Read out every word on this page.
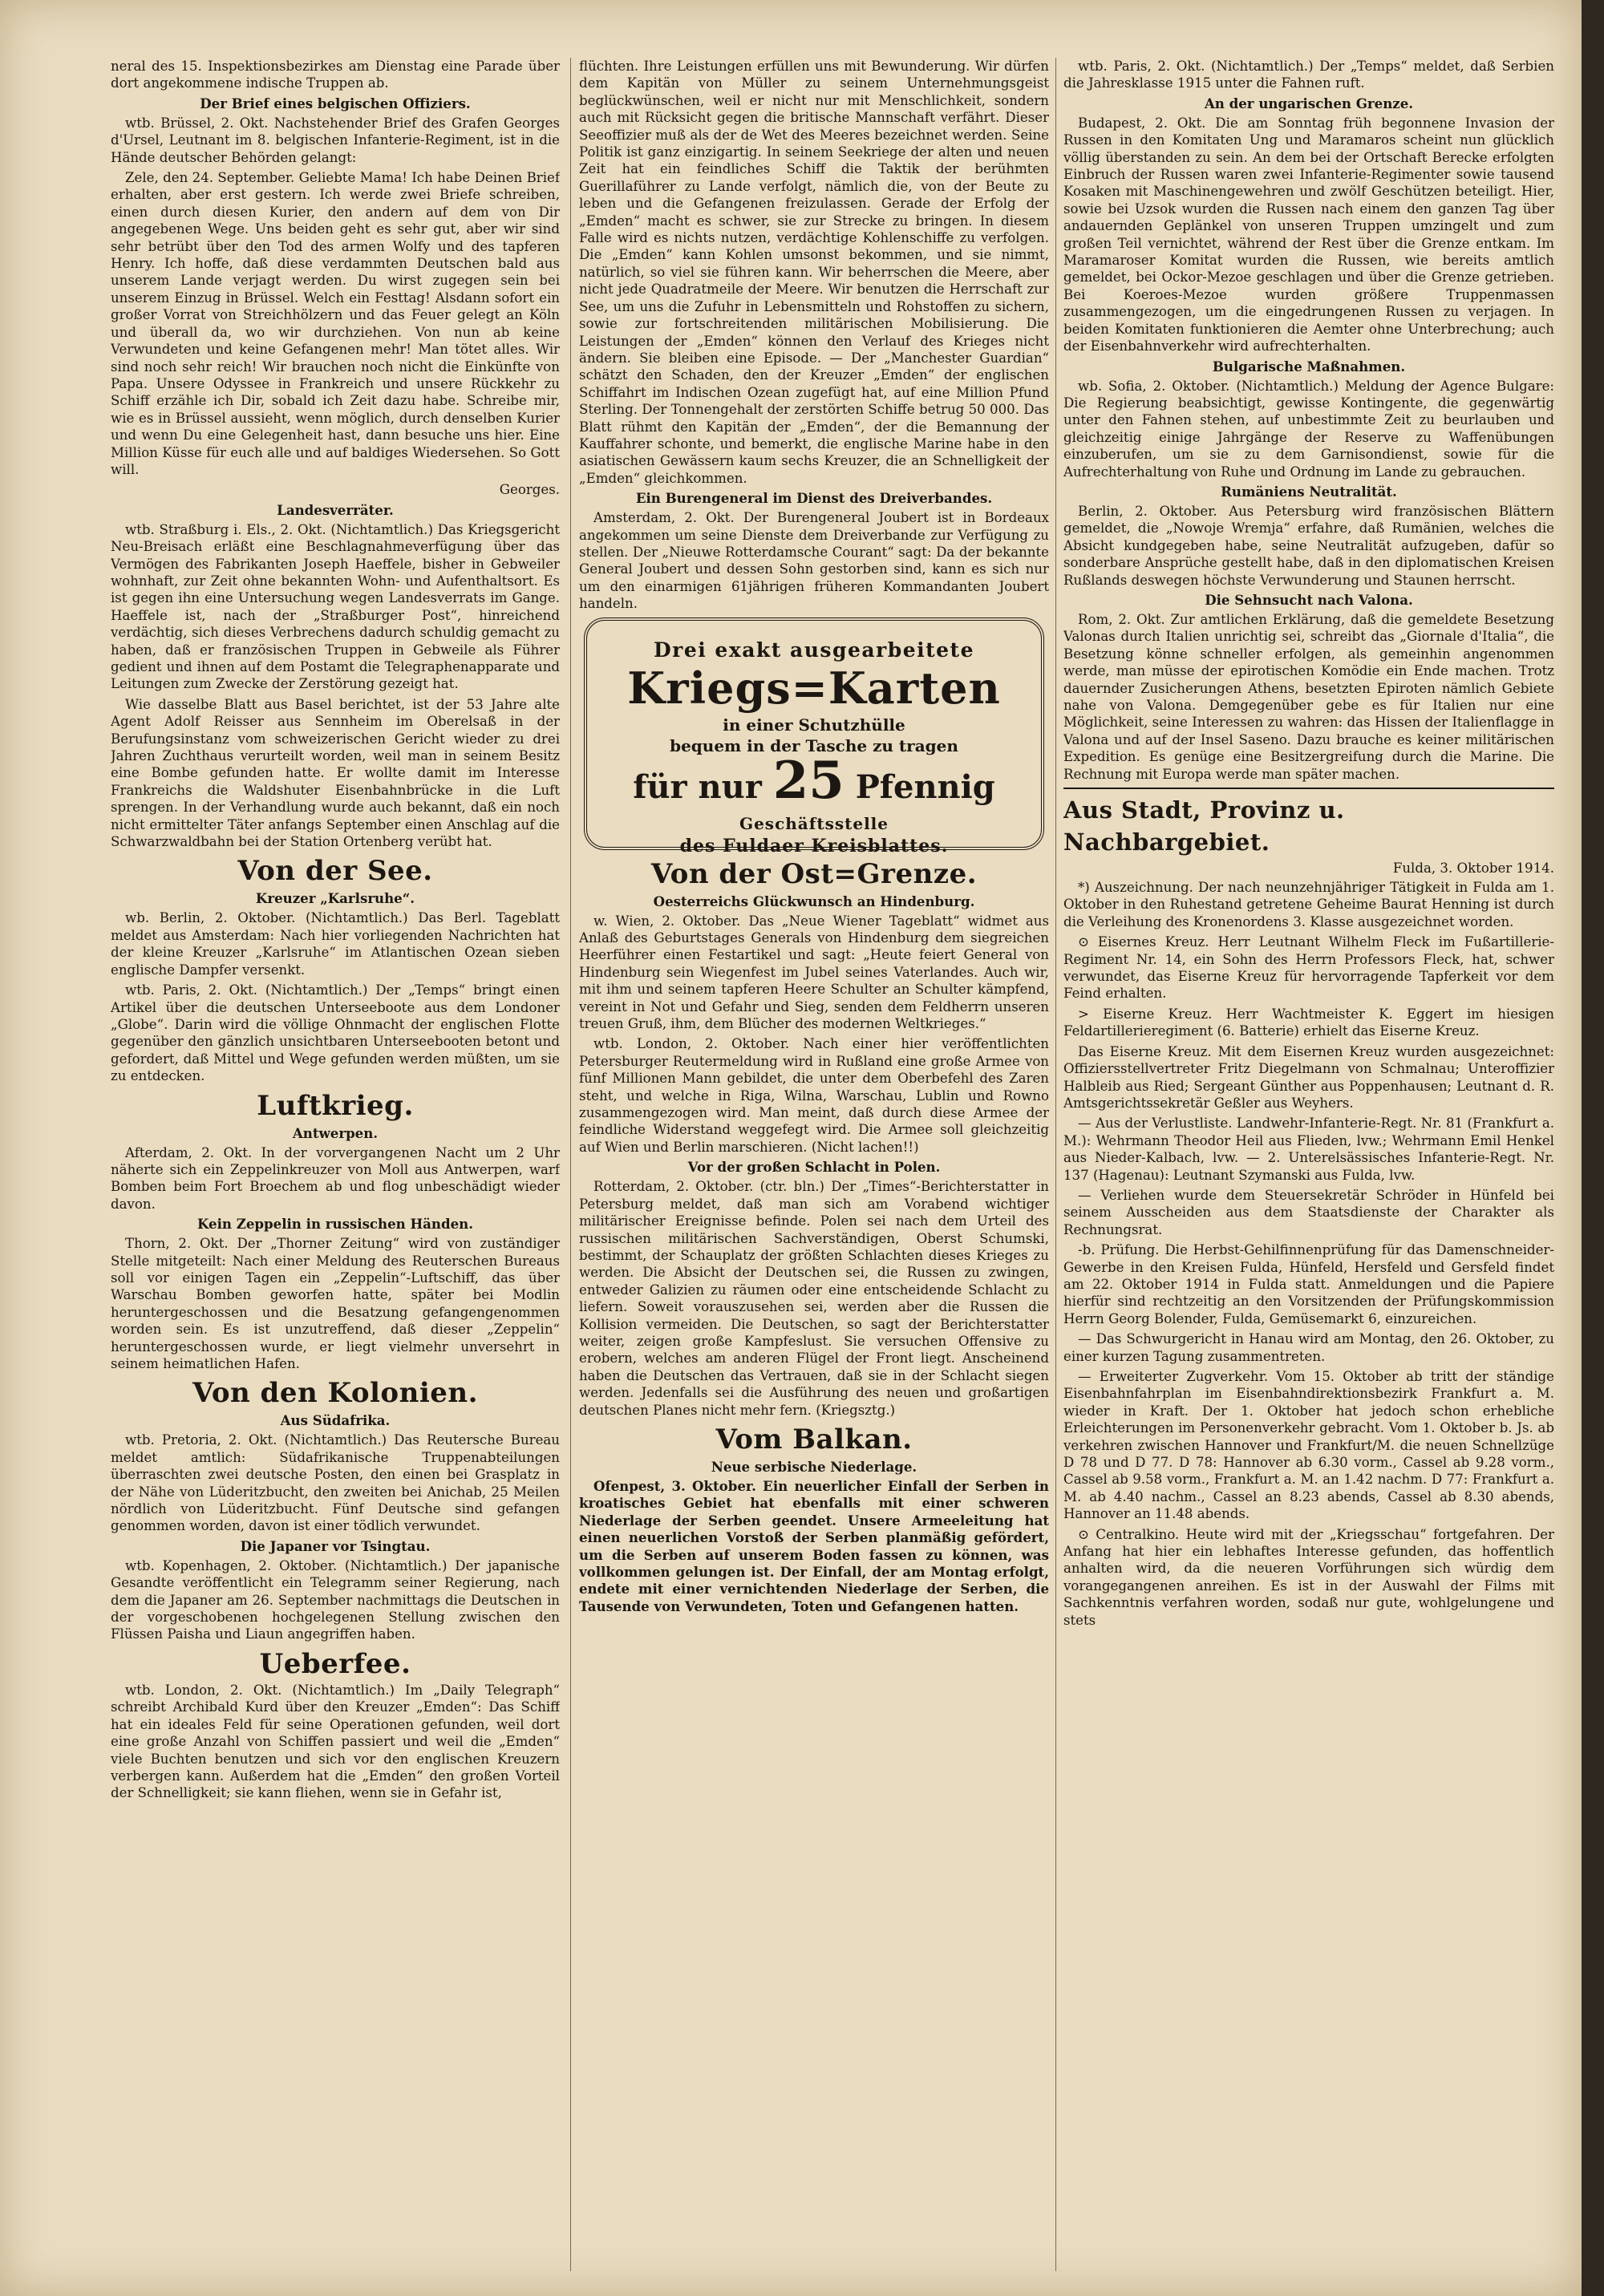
neral des 15. Inspektionsbezirkes am Dienstag eine Parade über dort angekommene indische Truppen ab.

Der Brief eines belgischen Offiziers.

wtb. Brüssel, 2. Okt. Nachstehender Brief des Grafen Georges d'Ursel, Leutnant im 8. belgischen Infanterie-Regiment, ist in die Hände deutscher Behörden gelangt:

Zele, den 24. September. Geliebte Mama! Ich habe Deinen Brief erhalten, aber erst gestern. Ich werde zwei Briefe schreiben, einen durch diesen Kurier, den andern auf dem von Dir angegebenen Wege. Uns beiden geht es sehr gut, aber wir sind sehr betrübt über den Tod des armen Wolfy und des tapferen Henry. Ich hoffe, daß diese verdammten Deutschen bald aus unserem Lande verjagt werden. Du wirst zugegen sein bei unserem Einzug in Brüssel. Welch ein Festtag! Alsdann sofort ein großer Vorrat von Streichhölzern und das Feuer gelegt an Köln und überall da, wo wir durchziehen. Von nun ab keine Verwundeten und keine Gefangenen mehr! Man tötet alles. Wir sind noch sehr reich! Wir brauchen noch nicht die Einkünfte von Papa. Unsere Odyssee in Frankreich und unsere Rückkehr zu Schiff erzähle ich Dir, sobald ich Zeit dazu habe. Schreibe mir, wie es in Brüssel aussieht, wenn möglich, durch denselben Kurier und wenn Du eine Gelegenheit hast, dann besuche uns hier. Eine Million Küsse für euch alle und auf baldiges Wiedersehen. So Gott will.

Georges.

Landesverräter.

wtb. Straßburg i. Els., 2. Okt. (Nichtamtlich.) Das Kriegsgericht Neu-Breisach erläßt eine Beschlagnahmeverfügung über das Vermögen des Fabrikanten Joseph Haeffele, bisher in Gebweiler wohnhaft, zur Zeit ohne bekannten Wohn- und Aufenthaltsort. Es ist gegen ihn eine Untersuchung wegen Landesverrats im Gange. Haeffele ist, nach der „Straßburger Post“, hinreichend verdächtig, sich dieses Verbrechens dadurch schuldig gemacht zu haben, daß er französischen Truppen in Gebweile als Führer gedient und ihnen auf dem Postamt die Telegraphenapparate und Leitungen zum Zwecke der Zerstörung gezeigt hat.

Wie dasselbe Blatt aus Basel berichtet, ist der 53 Jahre alte Agent Adolf Reisser aus Sennheim im Oberelsaß in der Berufungsinstanz vom schweizerischen Gericht wieder zu drei Jahren Zuchthaus verurteilt worden, weil man in seinem Besitz eine Bombe gefunden hatte. Er wollte damit im Interesse Frankreichs die Waldshuter Eisenbahnbrücke in die Luft sprengen. In der Verhandlung wurde auch bekannt, daß ein noch nicht ermittelter Täter anfangs September einen Anschlag auf die Schwarzwaldbahn bei der Station Ortenberg verübt hat.

Von der See.
Kreuzer „Karlsruhe“.

wb. Berlin, 2. Oktober. (Nichtamtlich.) Das Berl. Tageblatt meldet aus Amsterdam: Nach hier vorliegenden Nachrichten hat der kleine Kreuzer „Karlsruhe“ im Atlantischen Ozean sieben englische Dampfer versenkt.

wtb. Paris, 2. Okt. (Nichtamtlich.) Der „Temps“ bringt einen Artikel über die deutschen Unterseeboote aus dem Londoner „Globe“. Darin wird die völlige Ohnmacht der englischen Flotte gegenüber den gänzlich unsichtbaren Unterseebooten betont und gefordert, daß Mittel und Wege gefunden werden müßten, um sie zu entdecken.

Luftkrieg.
Antwerpen.

Afterdam, 2. Okt. In der vorvergangenen Nacht um 2 Uhr näherte sich ein Zeppelinkreuzer von Moll aus Antwerpen, warf Bomben beim Fort Broechem ab und flog unbeschädigt wieder davon.

Kein Zeppelin in russischen Händen.

Thorn, 2. Okt. Der „Thorner Zeitung“ wird von zuständiger Stelle mitgeteilt: Nach einer Meldung des Reuterschen Bureaus soll vor einigen Tagen ein „Zeppelin“-Luftschiff, das über Warschau Bomben geworfen hatte, später bei Modlin heruntergeschossen und die Besatzung gefangengenommen worden sein. Es ist unzutreffend, daß dieser „Zeppelin“ heruntergeschossen wurde, er liegt vielmehr unversehrt in seinem heimatlichen Hafen.

Von den Kolonien.
Aus Südafrika.

wtb. Pretoria, 2. Okt. (Nichtamtlich.) Das Reutersche Bureau meldet amtlich: Südafrikanische Truppenabteilungen überraschten zwei deutsche Posten, den einen bei Grasplatz in der Nähe von Lüderitzbucht, den zweiten bei Anichab, 25 Meilen nördlich von Lüderitzbucht. Fünf Deutsche sind gefangen genommen worden, davon ist einer tödlich verwundet.

Die Japaner vor Tsingtau.

wtb. Kopenhagen, 2. Oktober. (Nichtamtlich.) Der japanische Gesandte veröffentlicht ein Telegramm seiner Regierung, nach dem die Japaner am 26. September nachmittags die Deutschen in der vorgeschobenen hochgelegenen Stellung zwischen den Flüssen Paisha und Liaun angegriffen haben.

Ueberfee.

wtb. London, 2. Okt. (Nichtamtlich.) Im „Daily Telegraph“ schreibt Archibald Kurd über den Kreuzer „Emden“: Das Schiff hat ein ideales Feld für seine Operationen gefunden, weil dort eine große Anzahl von Schiffen passiert und weil die „Emden“ viele Buchten benutzen und sich vor den englischen Kreuzern verbergen kann. Außerdem hat die „Emden“ den großen Vorteil der Schnelligkeit; sie kann fliehen, wenn sie in Gefahr ist,

flüchten. Ihre Leistungen erfüllen uns mit Bewunderung. Wir dürfen dem Kapitän von Müller zu seinem Unternehmungsgeist beglückwünschen, weil er nicht nur mit Menschlichkeit, sondern auch mit Rücksicht gegen die britische Mannschaft verfährt. Dieser Seeoffizier muß als der de Wet des Meeres bezeichnet werden. Seine Politik ist ganz einzigartig. In seinem Seekriege der alten und neuen Zeit hat ein feindliches Schiff die Taktik der berühmten Guerillaführer zu Lande verfolgt, nämlich die, von der Beute zu leben und die Gefangenen freizulassen. Gerade der Erfolg der „Emden“ macht es schwer, sie zur Strecke zu bringen. In diesem Falle wird es nichts nutzen, verdächtige Kohlenschiffe zu verfolgen. Die „Emden“ kann Kohlen umsonst bekommen, und sie nimmt, natürlich, so viel sie führen kann. Wir beherrschen die Meere, aber nicht jede Quadratmeile der Meere. Wir benutzen die Herrschaft zur See, um uns die Zufuhr in Lebensmitteln und Rohstoffen zu sichern, sowie zur fortschreitenden militärischen Mobilisierung. Die Leistungen der „Emden“ können den Verlauf des Krieges nicht ändern. Sie bleiben eine Episode. — Der „Manchester Guardian“ schätzt den Schaden, den der Kreuzer „Emden“ der englischen Schiffahrt im Indischen Ozean zugefügt hat, auf eine Million Pfund Sterling. Der Tonnengehalt der zerstörten Schiffe betrug 50 000. Das Blatt rühmt den Kapitän der „Emden“, der die Bemannung der Kauffahrer schonte, und bemerkt, die englische Marine habe in den asiatischen Gewässern kaum sechs Kreuzer, die an Schnelligkeit der „Emden“ gleichkommen.

Ein Burengeneral im Dienst des Dreiverbandes.

Amsterdam, 2. Okt. Der Burengeneral Joubert ist in Bordeaux angekommen um seine Dienste dem Dreiverbande zur Verfügung zu stellen. Der „Nieuwe Rotterdamsche Courant“ sagt: Da der bekannte General Joubert und dessen Sohn gestorben sind, kann es sich nur um den einarmigen 61jährigen früheren Kommandanten Joubert handeln.

Drei exakt ausgearbeitete
Kriegs=Karten
in einer Schutzhülle
bequem in der Tasche zu tragen
für nur 25 Pfennig
Geschäftsstelle
des Fuldaer Kreisblattes.
Von der Ost=Grenze.
Oesterreichs Glückwunsch an Hindenburg.

w. Wien, 2. Oktober. Das „Neue Wiener Tageblatt“ widmet aus Anlaß des Geburtstages Generals von Hindenburg dem siegreichen Heerführer einen Festartikel und sagt: „Heute feiert General von Hindenburg sein Wiegenfest im Jubel seines Vaterlandes. Auch wir, mit ihm und seinem tapferen Heere Schulter an Schulter kämpfend, vereint in Not und Gefahr und Sieg, senden dem Feldherrn unseren treuen Gruß, ihm, dem Blücher des modernen Weltkrieges.“

wtb. London, 2. Oktober. Nach einer hier veröffentlichten Petersburger Reutermeldung wird in Rußland eine große Armee von fünf Millionen Mann gebildet, die unter dem Oberbefehl des Zaren steht, und welche in Riga, Wilna, Warschau, Lublin und Rowno zusammengezogen wird. Man meint, daß durch diese Armee der feindliche Widerstand weggefegt wird. Die Armee soll gleichzeitig auf Wien und Berlin marschieren. (Nicht lachen!!)

Vor der großen Schlacht in Polen.

Rotterdam, 2. Oktober. (ctr. bln.) Der „Times“-Berichterstatter in Petersburg meldet, daß man sich am Vorabend wichtiger militärischer Ereignisse befinde. Polen sei nach dem Urteil des russischen militärischen Sachverständigen, Oberst Schumski, bestimmt, der Schauplatz der größten Schlachten dieses Krieges zu werden. Die Absicht der Deutschen sei, die Russen zu zwingen, entweder Galizien zu räumen oder eine entscheidende Schlacht zu liefern. Soweit vorauszusehen sei, werden aber die Russen die Kollision vermeiden. Die Deutschen, so sagt der Berichterstatter weiter, zeigen große Kampfeslust. Sie versuchen Offensive zu erobern, welches am anderen Flügel der Front liegt. Anscheinend haben die Deutschen das Vertrauen, daß sie in der Schlacht siegen werden. Jedenfalls sei die Ausführung des neuen und großartigen deutschen Planes nicht mehr fern. (Kriegsztg.)

Vom Balkan.
Neue serbische Niederlage.

Ofenpest, 3. Oktober. Ein neuerlicher Einfall der Serben in kroatisches Gebiet hat ebenfalls mit einer schweren Niederlage der Serben geendet. Unsere Armeeleitung hat einen neuerlichen Vorstoß der Serben planmäßig gefördert, um die Serben auf unserem Boden fassen zu können, was vollkommen gelungen ist. Der Einfall, der am Montag erfolgt, endete mit einer vernichtenden Niederlage der Serben, die Tausende von Verwundeten, Toten und Gefangenen hatten.

wtb. Paris, 2. Okt. (Nichtamtlich.) Der „Temps“ meldet, daß Serbien die Jahresklasse 1915 unter die Fahnen ruft.

An der ungarischen Grenze.

Budapest, 2. Okt. Die am Sonntag früh begonnene Invasion der Russen in den Komitaten Ung und Maramaros scheint nun glücklich völlig überstanden zu sein. An dem bei der Ortschaft Berecke erfolgten Einbruch der Russen waren zwei Infanterie-Regimenter sowie tausend Kosaken mit Maschinengewehren und zwölf Geschützen beteiligt. Hier, sowie bei Uzsok wurden die Russen nach einem den ganzen Tag über andauernden Geplänkel von unseren Truppen umzingelt und zum großen Teil vernichtet, während der Rest über die Grenze entkam. Im Maramaroser Komitat wurden die Russen, wie bereits amtlich gemeldet, bei Ockor-Mezoe geschlagen und über die Grenze getrieben. Bei Koeroes-Mezoe wurden größere Truppenmassen zusammengezogen, um die eingedrungenen Russen zu verjagen. In beiden Komitaten funktionieren die Aemter ohne Unterbrechung; auch der Eisenbahnverkehr wird aufrechterhalten.

Bulgarische Maßnahmen.

wb. Sofia, 2. Oktober. (Nichtamtlich.) Meldung der Agence Bulgare: Die Regierung beabsichtigt, gewisse Kontingente, die gegenwärtig unter den Fahnen stehen, auf unbestimmte Zeit zu beurlauben und gleichzeitig einige Jahrgänge der Reserve zu Waffenübungen einzuberufen, um sie zu dem Garnisondienst, sowie für die Aufrechterhaltung von Ruhe und Ordnung im Lande zu gebrauchen.

Rumäniens Neutralität.

Berlin, 2. Oktober. Aus Petersburg wird französischen Blättern gemeldet, die „Nowoje Wremja“ erfahre, daß Rumänien, welches die Absicht kundgegeben habe, seine Neutralität aufzugeben, dafür so sonderbare Ansprüche gestellt habe, daß in den diplomatischen Kreisen Rußlands deswegen höchste Verwunderung und Staunen herrscht.

Die Sehnsucht nach Valona.

Rom, 2. Okt. Zur amtlichen Erklärung, daß die gemeldete Besetzung Valonas durch Italien unrichtig sei, schreibt das „Giornale d'Italia“, die Besetzung könne schneller erfolgen, als gemeinhin angenommen werde, man müsse der epirotischen Komödie ein Ende machen. Trotz dauernder Zusicherungen Athens, besetzten Epiroten nämlich Gebiete nahe von Valona. Demgegenüber gebe es für Italien nur eine Möglichkeit, seine Interessen zu wahren: das Hissen der Italienflagge in Valona und auf der Insel Saseno. Dazu brauche es keiner militärischen Expedition. Es genüge eine Besitzergreifung durch die Marine. Die Rechnung mit Europa werde man später machen.

Aus Stadt, Provinz u. Nachbargebiet.
Fulda, 3. Oktober 1914.

*) Auszeichnung. Der nach neunzehnjähriger Tätigkeit in Fulda am 1. Oktober in den Ruhestand getretene Geheime Baurat Henning ist durch die Verleihung des Kronenordens 3. Klasse ausgezeichnet worden.

⊙ Eisernes Kreuz. Herr Leutnant Wilhelm Fleck im Fußartillerie-Regiment Nr. 14, ein Sohn des Herrn Professors Fleck, hat, schwer verwundet, das Eiserne Kreuz für hervorragende Tapferkeit vor dem Feind erhalten.

> Eiserne Kreuz. Herr Wachtmeister K. Eggert im hiesigen Feldartillerieregiment (6. Batterie) erhielt das Eiserne Kreuz.

Das Eiserne Kreuz. Mit dem Eisernen Kreuz wurden ausgezeichnet: Offiziersstellvertreter Fritz Diegelmann von Schmalnau; Unteroffizier Halbleib aus Ried; Sergeant Günther aus Poppenhausen; Leutnant d. R. Amtsgerichtssekretär Geßler aus Weyhers.

— Aus der Verlustliste. Landwehr-Infanterie-Regt. Nr. 81 (Frankfurt a. M.): Wehrmann Theodor Heil aus Flieden, lvw.; Wehrmann Emil Henkel aus Nieder-Kalbach, lvw. — 2. Unterelsässisches Infanterie-Regt. Nr. 137 (Hagenau): Leutnant Szymanski aus Fulda, lvw.

— Verliehen wurde dem Steuersekretär Schröder in Hünfeld bei seinem Ausscheiden aus dem Staatsdienste der Charakter als Rechnungsrat.

-b. Prüfung. Die Herbst-Gehilfinnenprüfung für das Damenschneider-Gewerbe in den Kreisen Fulda, Hünfeld, Hersfeld und Gersfeld findet am 22. Oktober 1914 in Fulda statt. Anmeldungen und die Papiere hierfür sind rechtzeitig an den Vorsitzenden der Prüfungskommission Herrn Georg Bolender, Fulda, Gemüsemarkt 6, einzureichen.

— Das Schwurgericht in Hanau wird am Montag, den 26. Oktober, zu einer kurzen Tagung zusammentreten.

— Erweiterter Zugverkehr. Vom 15. Oktober ab tritt der ständige Eisenbahnfahrplan im Eisenbahndirektionsbezirk Frankfurt a. M. wieder in Kraft. Der 1. Oktober hat jedoch schon erhebliche Erleichterungen im Personenverkehr gebracht. Vom 1. Oktober b. Js. ab verkehren zwischen Hannover und Frankfurt/M. die neuen Schnellzüge D 78 und D 77. D 78: Hannover ab 6.30 vorm., Cassel ab 9.28 vorm., Cassel ab 9.58 vorm., Frankfurt a. M. an 1.42 nachm. D 77: Frankfurt a. M. ab 4.40 nachm., Cassel an 8.23 abends, Cassel ab 8.30 abends, Hannover an 11.48 abends.

⊙ Centralkino. Heute wird mit der „Kriegsschau“ fortgefahren. Der Anfang hat hier ein lebhaftes Interesse gefunden, das hoffentlich anhalten wird, da die neueren Vorführungen sich würdig dem vorangegangenen anreihen. Es ist in der Auswahl der Films mit Sachkenntnis verfahren worden, sodaß nur gute, wohlgelungene und stets
